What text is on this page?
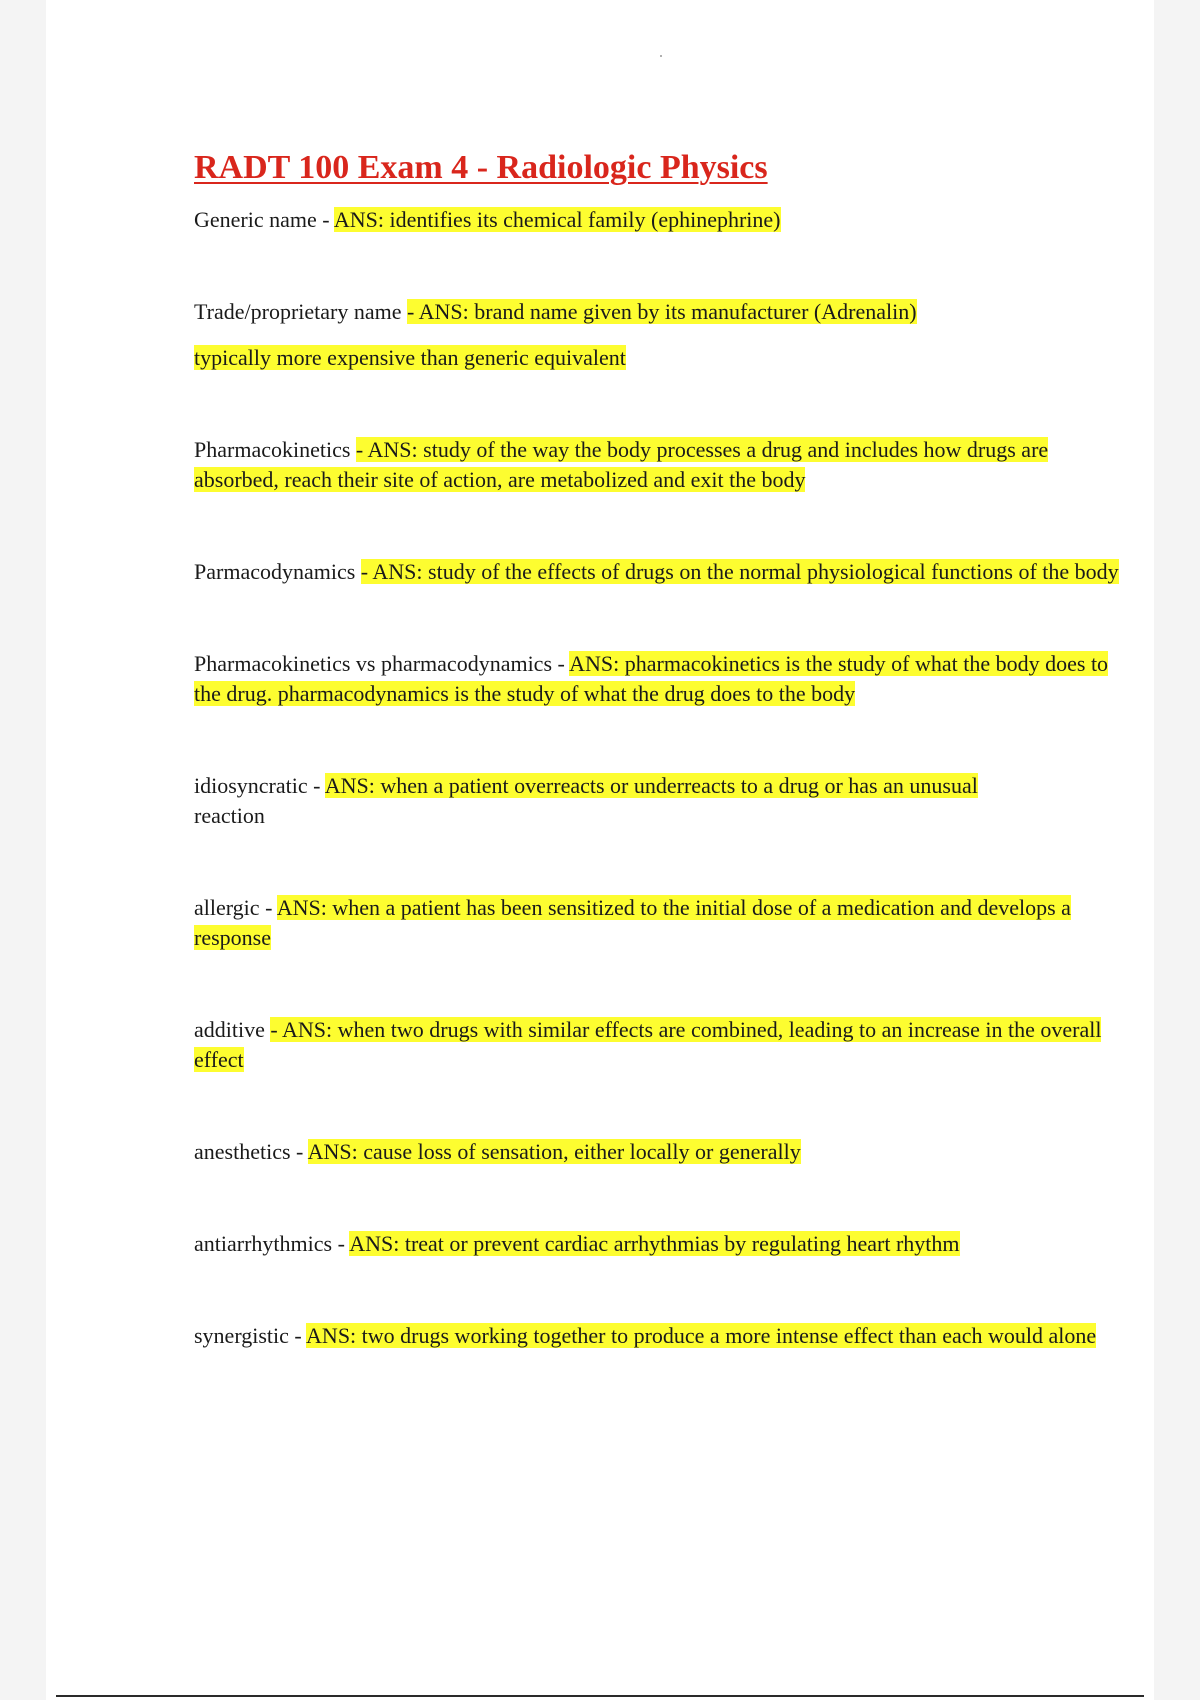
RADT 100 Exam 4 - Radiologic Physics

Generic name - ANS: identifies its chemical family (ephinephrine)

Trade/proprietary name - ANS: brand name given by its manufacturer (Adrenalin)

typically more expensive than generic equivalent

Pharmacokinetics - ANS: study of the way the body processes a drug and includes how drugs are absorbed, reach their site of action, are metabolized and exit the body

Parmacodynamics - ANS: study of the effects of drugs on the normal physiological functions of the body

Pharmacokinetics vs pharmacodynamics - ANS: pharmacokinetics is the study of what the body does to the drug. pharmacodynamics is the study of what the drug does to the body

idiosyncratic - ANS: when a patient overreacts or underreacts to a drug or has an unusual
reaction

allergic - ANS: when a patient has been sensitized to the initial dose of a medication and develops a response

additive - ANS: when two drugs with similar effects are combined, leading to an increase in the overall effect

anesthetics - ANS: cause loss of sensation, either locally or generally

antiarrhythmics - ANS: treat or prevent cardiac arrhythmias by regulating heart rhythm

synergistic - ANS: two drugs working together to produce a more intense effect than each would alone
